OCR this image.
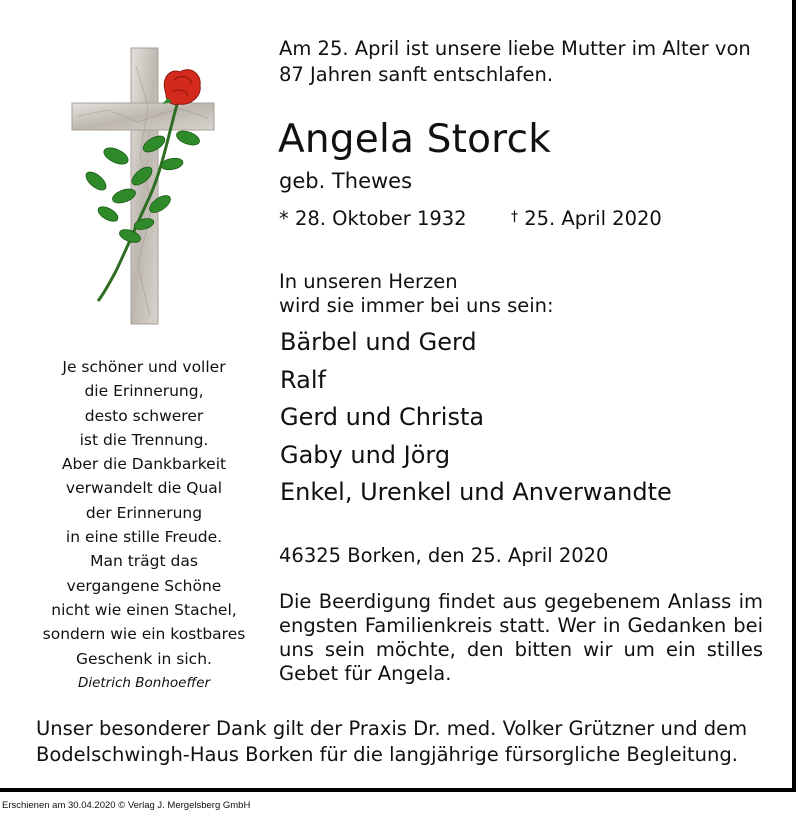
Am 25. April ist unsere liebe Mutter im Alter von
87 Jahren sanft entschlafen.
Angela Storck
geb. Thewes
* 28. Oktober 1932	† 25. April 2020
In unseren Herzen
wird sie immer bei uns sein:
Bärbel und Gerd
Ralf
Gerd und Christa
Gaby und Jörg
Enkel, Urenkel und Anverwandte
46325 Borken, den 25. April 2020
Die Beerdigung findet aus gegebenem Anlass im
engsten Familienkreis statt. Wer in Gedanken bei
uns sein möchte, den bitten wir um ein stilles
Gebet für Angela.
Je schöner und voller
die Erinnerung,
desto schwerer
ist die Trennung.
Aber die Dankbarkeit
verwandelt die Qual
der Erinnerung
in eine stille Freude.
Man trägt das
vergangene Schöne
nicht wie einen Stachel,
sondern wie ein kostbares
Geschenk in sich.
Dietrich Bonhoeffer
Unser besonderer Dank gilt der Praxis Dr. med. Volker Grützner und dem
Bodelschwingh-Haus Borken für die langjährige fürsorgliche Begleitung.
Erschienen am 30.04.2020 © Verlag J. Mergelsberg GmbH
